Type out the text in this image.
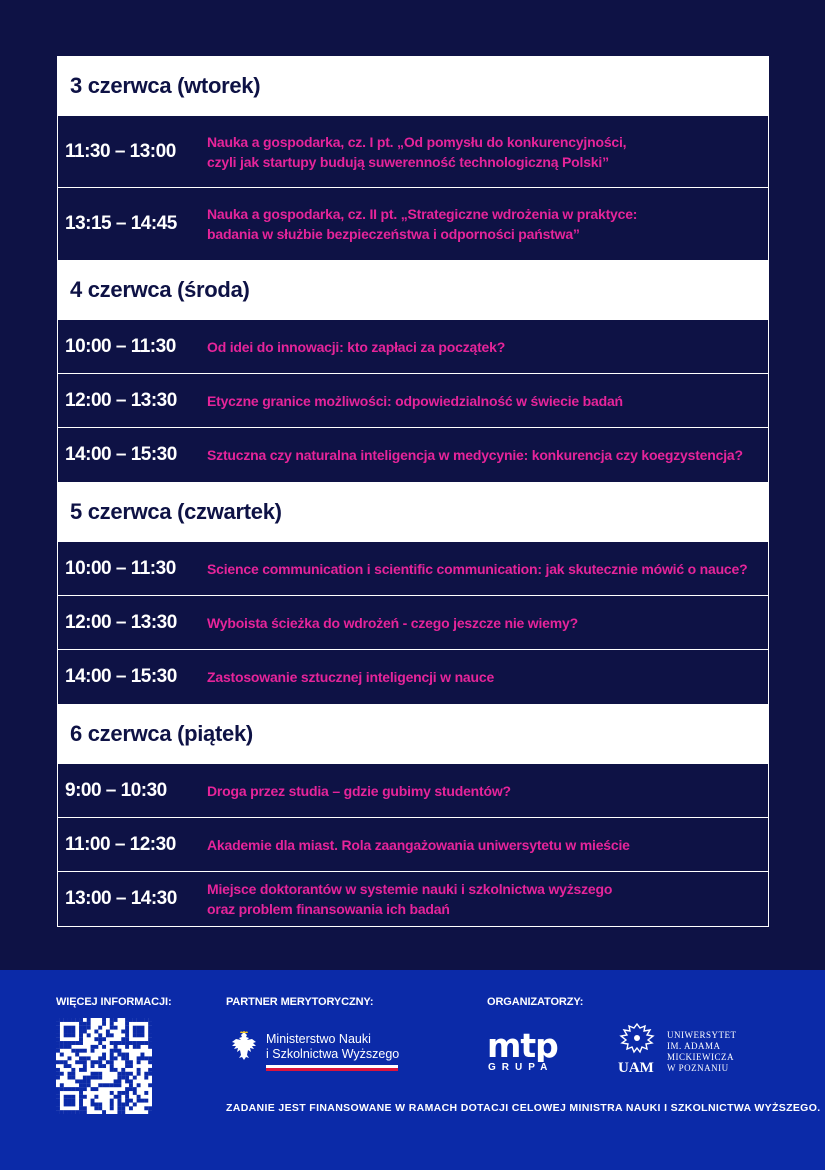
3 czerwca (wtorek)
11:30 – 13:00	Nauka a gospodarka, cz. I pt. „Od pomysłu do konkurencyjności,
czyli jak startupy budują suwerenność technologiczną Polski”
13:15 – 14:45	Nauka a gospodarka, cz. II pt. „Strategiczne wdrożenia w praktyce:
badania w służbie bezpieczeństwa i odporności państwa”
4 czerwca (środa)
10:00 – 11:30	Od idei do innowacji: kto zapłaci za początek?
12:00 – 13:30	Etyczne granice możliwości: odpowiedzialność w świecie badań
14:00 – 15:30	Sztuczna czy naturalna inteligencja w medycynie: konkurencja czy koegzystencja?
5 czerwca (czwartek)
10:00 – 11:30	Science communication i scientific communication: jak skutecznie mówić o nauce?
12:00 – 13:30	Wyboista ścieżka do wdrożeń - czego jeszcze nie wiemy?
14:00 – 15:30	Zastosowanie sztucznej inteligencji w nauce
6 czerwca (piątek)
9:00 – 10:30	Droga przez studia – gdzie gubimy studentów?
11:00 – 12:30	Akademie dla miast. Rola zaangażowania uniwersytetu w mieście
13:00 – 14:30	Miejsce doktorantów w systemie nauki i szkolnictwa wyższego
oraz problem finansowania ich badań
WIĘCEJ INFORMACJI:	PARTNER MERYTORYCZNY:	ORGANIZATORZY:
Ministerstwo Nauki
i Szkolnictwa Wyższego	mtp
GRUPA	UAM
UNIWERSYTET
IM. ADAMA MICKIEWICZA
W POZNANIU
ZADANIE JEST FINANSOWANE W RAMACH DOTACJI CELOWEJ MINISTRA NAUKI I SZKOLNICTWA WYŻSZEGO.
